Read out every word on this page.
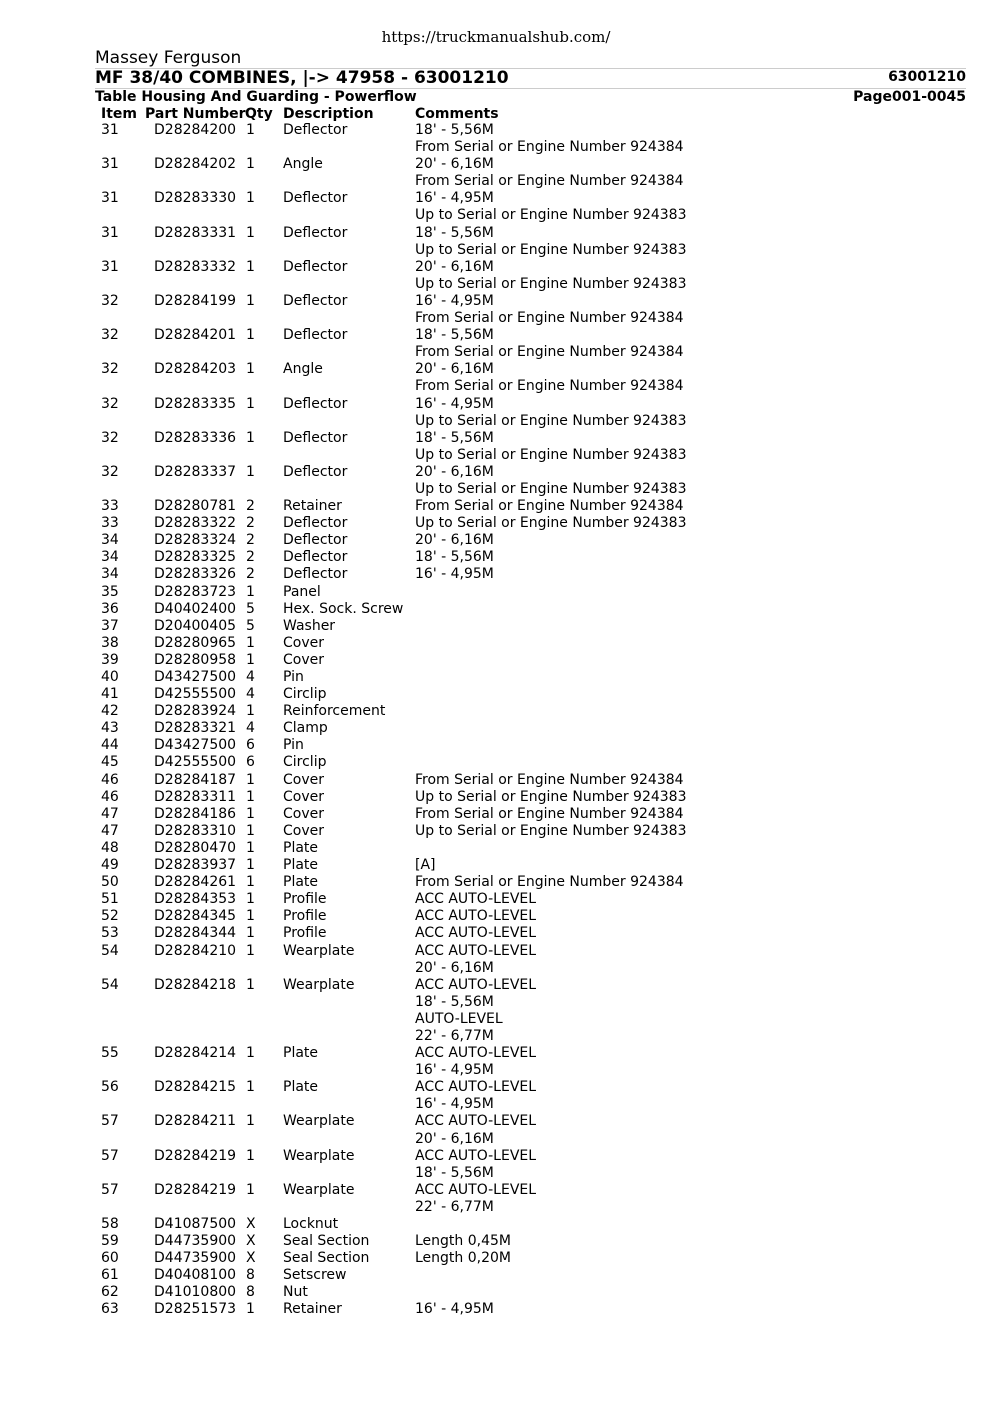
https://truckmanualshub.com/
Massey Ferguson
MF 38/40 COMBINES, |-> 47958 - 63001210	63001210
Table Housing And Guarding - Powerflow	Page001-0045
Item Part Number Qty Description	Comments
31	D28284200 1 Deflector	18' - 5,56M
From Serial or Engine Number 924384
31	D28284202 1 Angle	20' - 6,16M
From Serial or Engine Number 924384
31	D28283330 1 Deflector	16' - 4,95M
Up to Serial or Engine Number 924383
31	D28283331 1 Deflector	18' - 5,56M
Up to Serial or Engine Number 924383
31	D28283332 1 Deflector	20' - 6,16M
Up to Serial or Engine Number 924383
32	D28284199 1 Deflector	16' - 4,95M
From Serial or Engine Number 924384
32	D28284201 1 Deflector	18' - 5,56M
From Serial or Engine Number 924384
32	D28284203 1 Angle	20' - 6,16M
From Serial or Engine Number 924384
32	D28283335 1 Deflector	16' - 4,95M
Up to Serial or Engine Number 924383
32	D28283336 1 Deflector	18' - 5,56M
Up to Serial or Engine Number 924383
32	D28283337 1 Deflector	20' - 6,16M
Up to Serial or Engine Number 924383
33	D28280781 2 Retainer	From Serial or Engine Number 924384
33	D28283322 2 Deflector	Up to Serial or Engine Number 924383
34	D28283324 2 Deflector	20' - 6,16M
34	D28283325 2 Deflector	18' - 5,56M
34	D28283326 2 Deflector	16' - 4,95M
35	D28283723 1 Panel
36	D40402400 5 Hex. Sock. Screw
37	D20400405 5 Washer
38	D28280965 1 Cover
39	D28280958 1 Cover
40	D43427500 4 Pin
41	D42555500 4 Circlip
42	D28283924 1 Reinforcement
43	D28283321 4 Clamp
44	D43427500 6 Pin
45	D42555500 6 Circlip
46	D28284187 1 Cover	From Serial or Engine Number 924384
46	D28283311 1 Cover	Up to Serial or Engine Number 924383
47	D28284186 1 Cover	From Serial or Engine Number 924384
47	D28283310 1 Cover	Up to Serial or Engine Number 924383
48	D28280470 1 Plate
49	D28283937 1 Plate	[A]
50	D28284261 1 Plate	From Serial or Engine Number 924384
51	D28284353 1 Profile	ACC AUTO-LEVEL
52	D28284345 1 Profile	ACC AUTO-LEVEL
53	D28284344 1 Profile	ACC AUTO-LEVEL
54	D28284210 1 Wearplate	ACC AUTO-LEVEL
20' - 6,16M
54	D28284218 1 Wearplate	ACC AUTO-LEVEL
18' - 5,56M
AUTO-LEVEL
22' - 6,77M
55	D28284214 1 Plate	ACC AUTO-LEVEL
16' - 4,95M
56	D28284215 1 Plate	ACC AUTO-LEVEL
16' - 4,95M
57	D28284211 1 Wearplate	ACC AUTO-LEVEL
20' - 6,16M
57	D28284219 1 Wearplate	ACC AUTO-LEVEL
18' - 5,56M
57	D28284219 1 Wearplate	ACC AUTO-LEVEL
22' - 6,77M
58	D41087500 X Locknut
59	D44735900 X Seal Section	Length 0,45M
60	D44735900 X Seal Section	Length 0,20M
61	D40408100 8 Setscrew
62	D41010800 8 Nut
63	D28251573 1 Retainer	16' - 4,95M
